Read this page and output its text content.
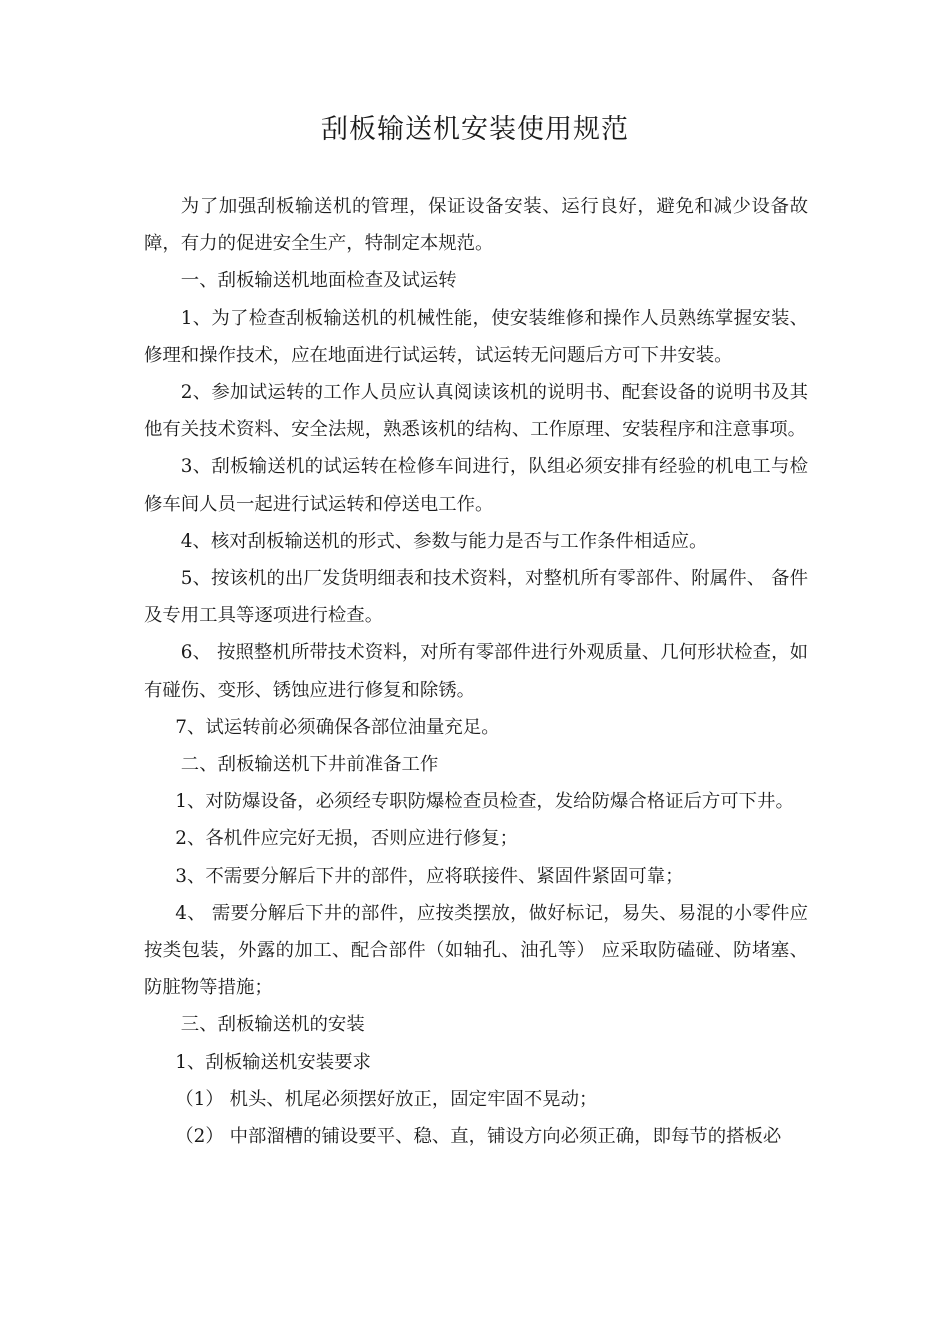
刮板输送机安装使用规范

为了加强刮板输送机的管理，保证设备安装、运行良好，避免和减少设备故障，有力的促进安全生产，特制定本规范。

一、刮板输送机地面检查及试运转

1、为了检查刮板输送机的机械性能，使安装维修和操作人员熟练掌握安装、修理和操作技术，应在地面进行试运转，试运转无问题后方可下井安装。

2、参加试运转的工作人员应认真阅读该机的说明书、配套设备的说明书及其他有关技术资料、安全法规，熟悉该机的结构、工作原理、安装程序和注意事项。

3、刮板输送机的试运转在检修车间进行，队组必须安排有经验的机电工与检修车间人员一起进行试运转和停送电工作。

4、核对刮板输送机的形式、参数与能力是否与工作条件相适应。

5、按该机的出厂发货明细表和技术资料，对整机所有零部件、附属件、 备件及专用工具等逐项进行检查。

6、 按照整机所带技术资料，对所有零部件进行外观质量、几何形状检查，如有碰伤、变形、锈蚀应进行修复和除锈。

7、试运转前必须确保各部位油量充足。

二、刮板输送机下井前准备工作

1、对防爆设备，必须经专职防爆检查员检查，发给防爆合格证后方可下井。

2、各机件应完好无损，否则应进行修复；

3、不需要分解后下井的部件，应将联接件、紧固件紧固可靠；

4、 需要分解后下井的部件，应按类摆放，做好标记，易失、易混的小零件应按类包装，外露的加工、配合部件（如轴孔、油孔等） 应采取防磕碰、防堵塞、防脏物等措施；

三、刮板输送机的安装

1、刮板输送机安装要求

（1） 机头、机尾必须摆好放正，固定牢固不晃动；

（2） 中部溜槽的铺设要平、稳、直，铺设方向必须正确，即每节的搭板必
